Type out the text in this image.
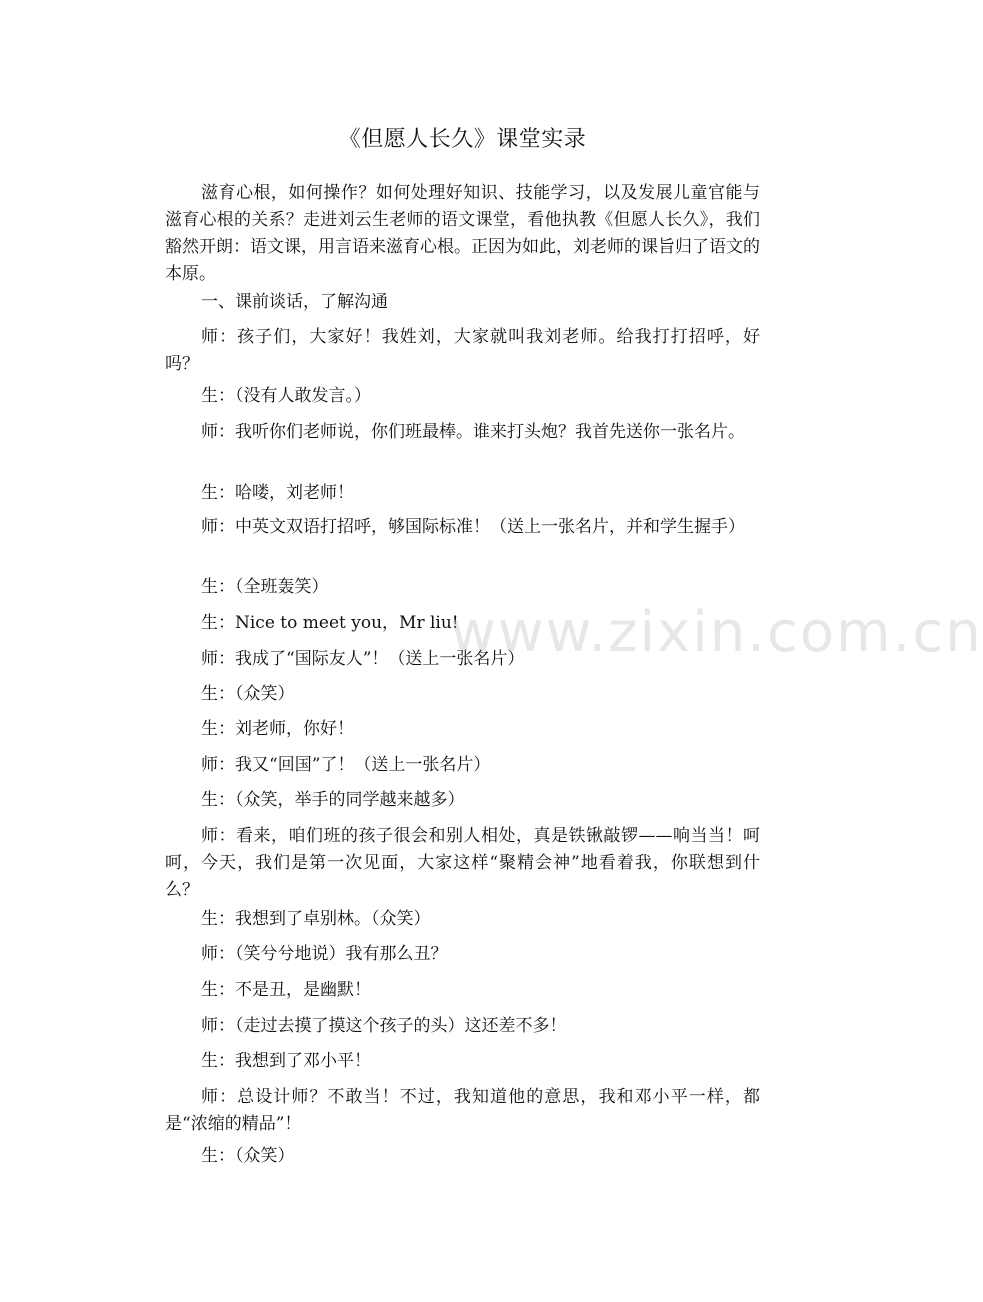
《但愿人长久》课堂实录
滋育心根，如何操作？如何处理好知识、技能学习，以及发展儿童官能与滋育心根的关系？走进刘云生老师的语文课堂，看他执教《但愿人长久》，我们豁然开朗：语文课，用言语来滋育心根。正因为如此，刘老师的课旨归了语文的本原。
一、课前谈话，了解沟通
师：孩子们，大家好！我姓刘，大家就叫我刘老师。给我打打招呼，好吗？
生：（没有人敢发言。）
师：我听你们老师说，你们班最棒。谁来打头炮？我首先送你一张名片。
生：哈喽，刘老师！
师：中英文双语打招呼，够国际标准！（送上一张名片，并和学生握手）
生：（全班轰笑）
生：Nice to meet you，Mr liu!
师：我成了“国际友人”！（送上一张名片）
生：（众笑）
生：刘老师，你好！
师：我又“回国”了！（送上一张名片）
生：（众笑，举手的同学越来越多）
师：看来，咱们班的孩子很会和别人相处，真是铁锹敲锣——响当当！呵呵，今天，我们是第一次见面，大家这样“聚精会神”地看着我，你联想到什么？
生：我想到了卓别林。（众笑）
师：（笑兮兮地说）我有那么丑？
生：不是丑，是幽默！
师：（走过去摸了摸这个孩子的头）这还差不多！
生：我想到了邓小平！
师：总设计师？不敢当！不过，我知道他的意思，我和邓小平一样，都是“浓缩的精品”！
生：（众笑）
www.zixin.com.cn
